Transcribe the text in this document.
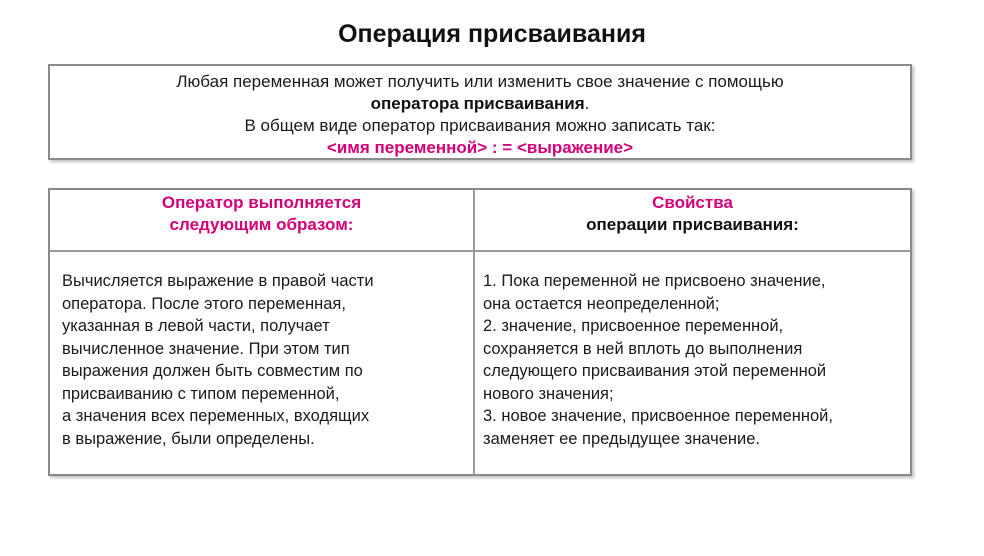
Операция присваивания
Любая переменная может получить или изменить свое значение с помощью
оператора присваивания.
В общем виде оператор присваивания можно записать так:
<имя переменной> : = <выражение>
Оператор выполняется
следующим образом:
Свойства
операции присваивания:
Вычисляется выражение в правой части
оператора. После этого переменная,
указанная в левой части, получает
вычисленное значение. При этом тип
выражения должен быть совместим по
присваиванию с типом переменной,
а значения всех переменных, входящих
в выражение, были определены.
1. Пока переменной не присвоено значение,
она остается неопределенной;
2. значение, присвоенное переменной,
сохраняется в ней вплоть до выполнения
следующего присваивания этой переменной
нового значения;
3. новое значение, присвоенное переменной,
заменяет ее предыдущее значение.
